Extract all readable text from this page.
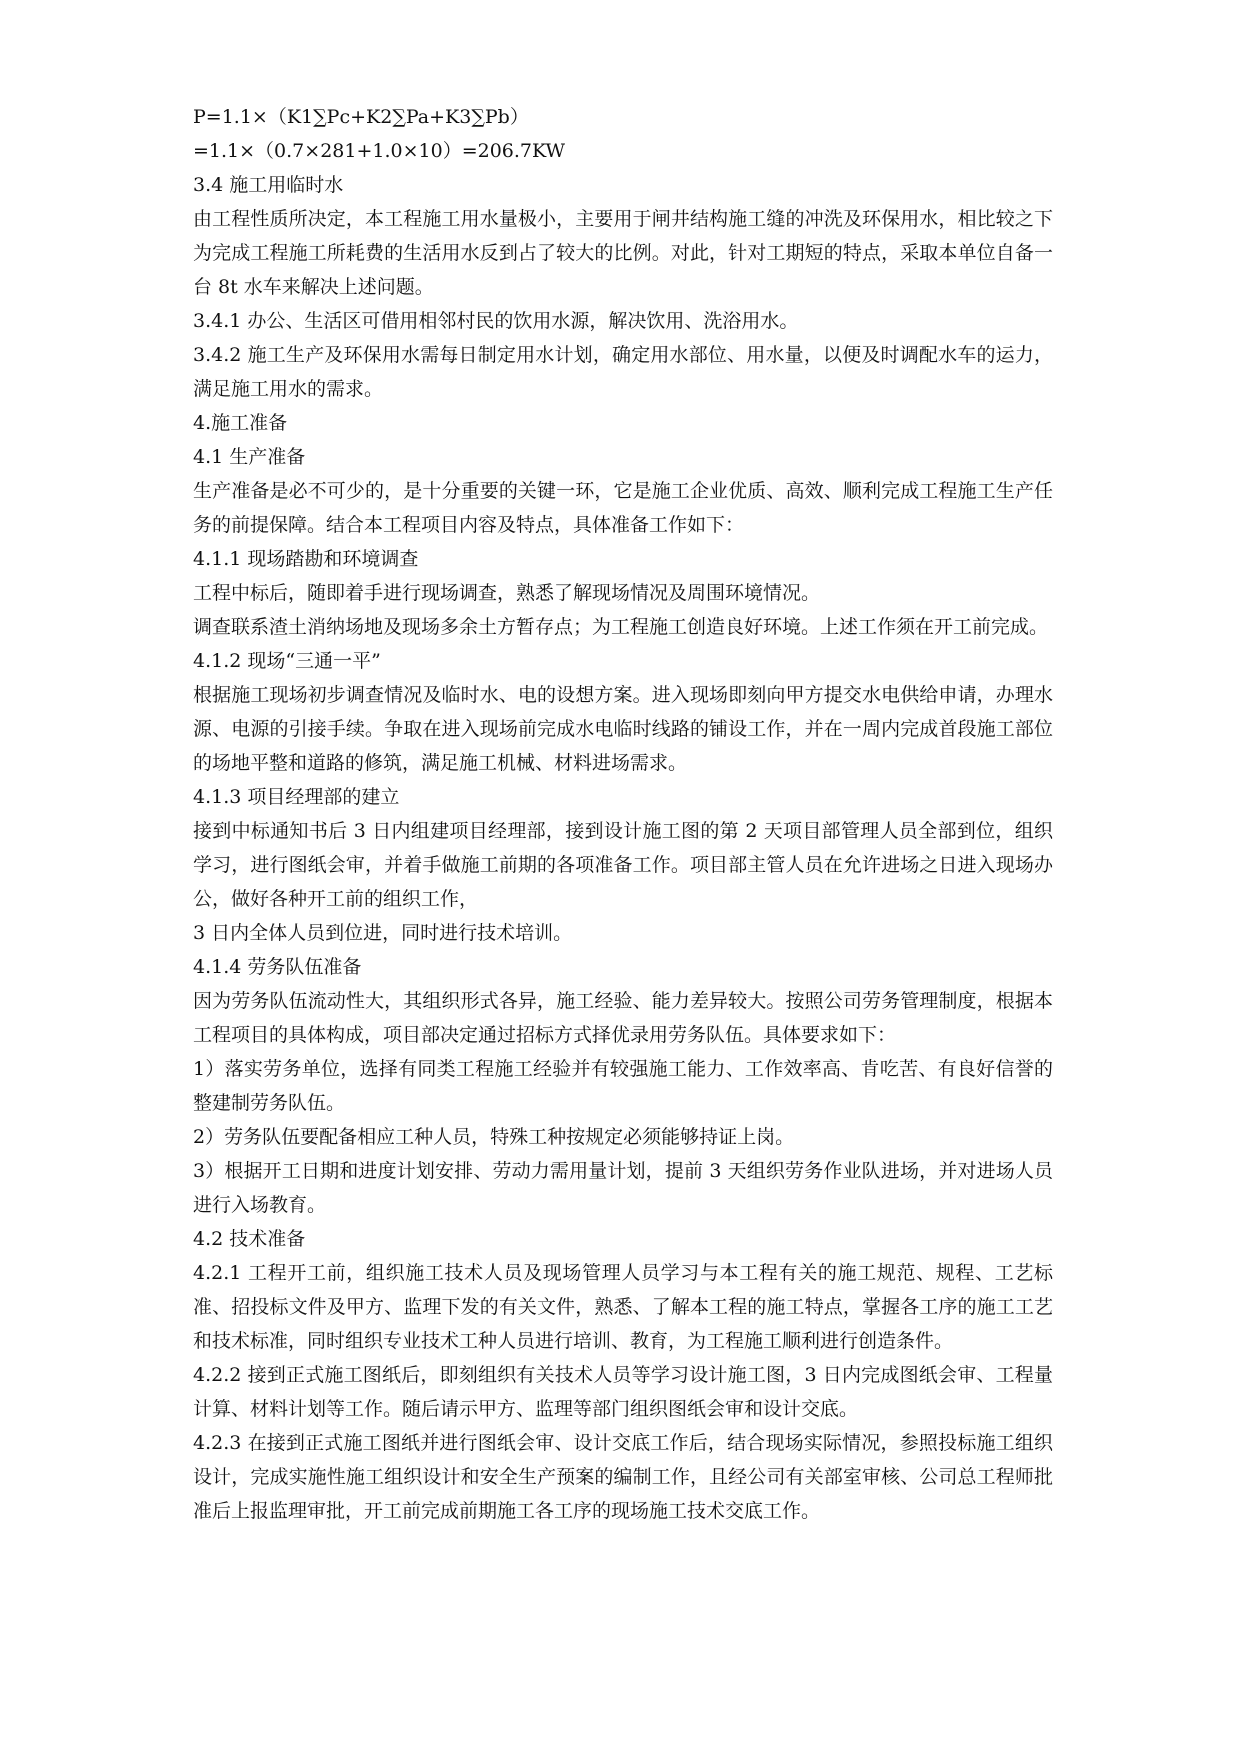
P=1.1×（K1∑Pc+K2∑Pa+K3∑Pb）

=1.1×（0.7×281+1.0×10）=206.7KW

3.4 施工用临时水

由工程性质所决定，本工程施工用水量极小，主要用于闸井结构施工缝的冲洗及环保用水，相比较之下为完成工程施工所耗费的生活用水反到占了较大的比例。对此，针对工期短的特点，采取本单位自备一台 8t 水车来解决上述问题。

3.4.1 办公、生活区可借用相邻村民的饮用水源，解决饮用、洗浴用水。

3.4.2 施工生产及环保用水需每日制定用水计划，确定用水部位、用水量，以便及时调配水车的运力，满足施工用水的需求。

4.施工准备

4.1 生产准备

生产准备是必不可少的，是十分重要的关键一环，它是施工企业优质、高效、顺利完成工程施工生产任务的前提保障。结合本工程项目内容及特点，具体准备工作如下：

4.1.1 现场踏勘和环境调查

工程中标后，随即着手进行现场调查，熟悉了解现场情况及周围环境情况。

调查联系渣土消纳场地及现场多余土方暂存点；为工程施工创造良好环境。上述工作须在开工前完成。

4.1.2 现场“三通一平”

根据施工现场初步调查情况及临时水、电的设想方案。进入现场即刻向甲方提交水电供给申请，办理水源、电源的引接手续。争取在进入现场前完成水电临时线路的铺设工作，并在一周内完成首段施工部位的场地平整和道路的修筑，满足施工机械、材料进场需求。

4.1.3 项目经理部的建立

接到中标通知书后 3 日内组建项目经理部，接到设计施工图的第 2 天项目部管理人员全部到位，组织学习，进行图纸会审，并着手做施工前期的各项准备工作。项目部主管人员在允许进场之日进入现场办公，做好各种开工前的组织工作，

3 日内全体人员到位进，同时进行技术培训。

4.1.4 劳务队伍准备

因为劳务队伍流动性大，其组织形式各异，施工经验、能力差异较大。按照公司劳务管理制度，根据本工程项目的具体构成，项目部决定通过招标方式择优录用劳务队伍。具体要求如下：

1）落实劳务单位，选择有同类工程施工经验并有较强施工能力、工作效率高、肯吃苦、有良好信誉的整建制劳务队伍。

2）劳务队伍要配备相应工种人员，特殊工种按规定必须能够持证上岗。

3）根据开工日期和进度计划安排、劳动力需用量计划，提前 3 天组织劳务作业队进场，并对进场人员进行入场教育。

4.2 技术准备

4.2.1 工程开工前，组织施工技术人员及现场管理人员学习与本工程有关的施工规范、规程、工艺标准、招投标文件及甲方、监理下发的有关文件，熟悉、了解本工程的施工特点，掌握各工序的施工工艺和技术标准，同时组织专业技术工种人员进行培训、教育，为工程施工顺利进行创造条件。

4.2.2 接到正式施工图纸后，即刻组织有关技术人员等学习设计施工图，3 日内完成图纸会审、工程量计算、材料计划等工作。随后请示甲方、监理等部门组织图纸会审和设计交底。

4.2.3 在接到正式施工图纸并进行图纸会审、设计交底工作后，结合现场实际情况，参照投标施工组织设计，完成实施性施工组织设计和安全生产预案的编制工作，且经公司有关部室审核、公司总工程师批准后上报监理审批，开工前完成前期施工各工序的现场施工技术交底工作。
